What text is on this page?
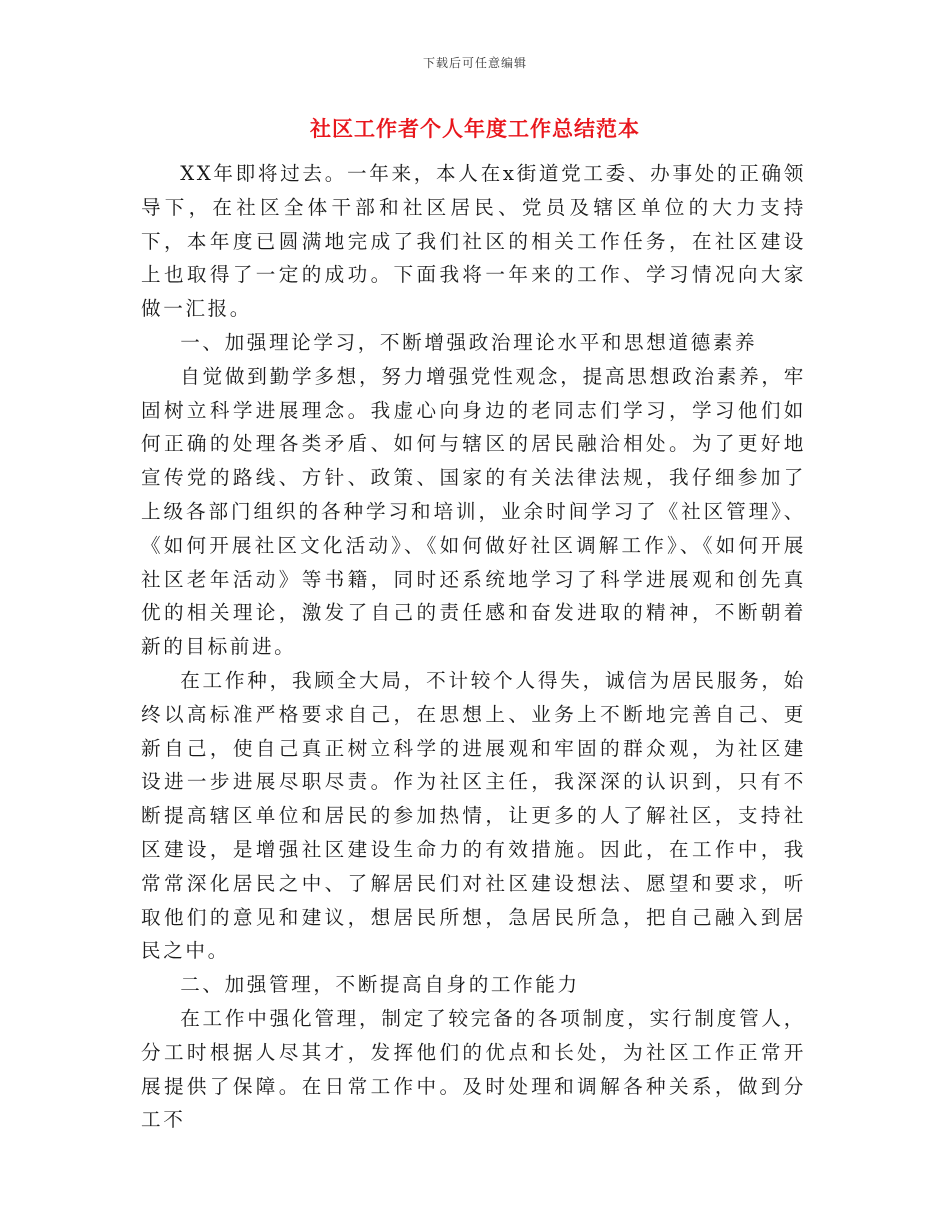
下载后可任意编辑
社区工作者个人年度工作总结范本

XX年即将过去。一年来，本人在x街道党工委、办事处的正确领导下，在社区全体干部和社区居民、党员及辖区单位的大力支持下，本年度已圆满地完成了我们社区的相关工作任务，在社区建设上也取得了一定的成功。下面我将一年来的工作、学习情况向大家做一汇报。

一、加强理论学习，不断增强政治理论水平和思想道德素养

自觉做到勤学多想，努力增强党性观念，提高思想政治素养，牢固树立科学进展理念。我虚心向身边的老同志们学习，学习他们如何正确的处理各类矛盾、如何与辖区的居民融洽相处。为了更好地宣传党的路线、方针、政策、国家的有关法律法规，我仔细参加了上级各部门组织的各种学习和培训，业余时间学习了《社区管理》、《如何开展社区文化活动》、《如何做好社区调解工作》、《如何开展社区老年活动》等书籍，同时还系统地学习了科学进展观和创先真优的相关理论，激发了自己的责任感和奋发进取的精神，不断朝着新的目标前进。

在工作种，我顾全大局，不计较个人得失，诚信为居民服务，始终以高标准严格要求自己，在思想上、业务上不断地完善自己、更新自己，使自己真正树立科学的进展观和牢固的群众观，为社区建设进一步进展尽职尽责。作为社区主任，我深深的认识到，只有不断提高辖区单位和居民的参加热情，让更多的人了解社区，支持社区建设，是增强社区建设生命力的有效措施。因此，在工作中，我常常深化居民之中、了解居民们对社区建设想法、愿望和要求，听取他们的意见和建议，想居民所想，急居民所急，把自己融入到居民之中。

二、加强管理，不断提高自身的工作能力

在工作中强化管理，制定了较完备的各项制度，实行制度管人，分工时根据人尽其才，发挥他们的优点和长处，为社区工作正常开展提供了保障。在日常工作中。及时处理和调解各种关系，做到分工不
